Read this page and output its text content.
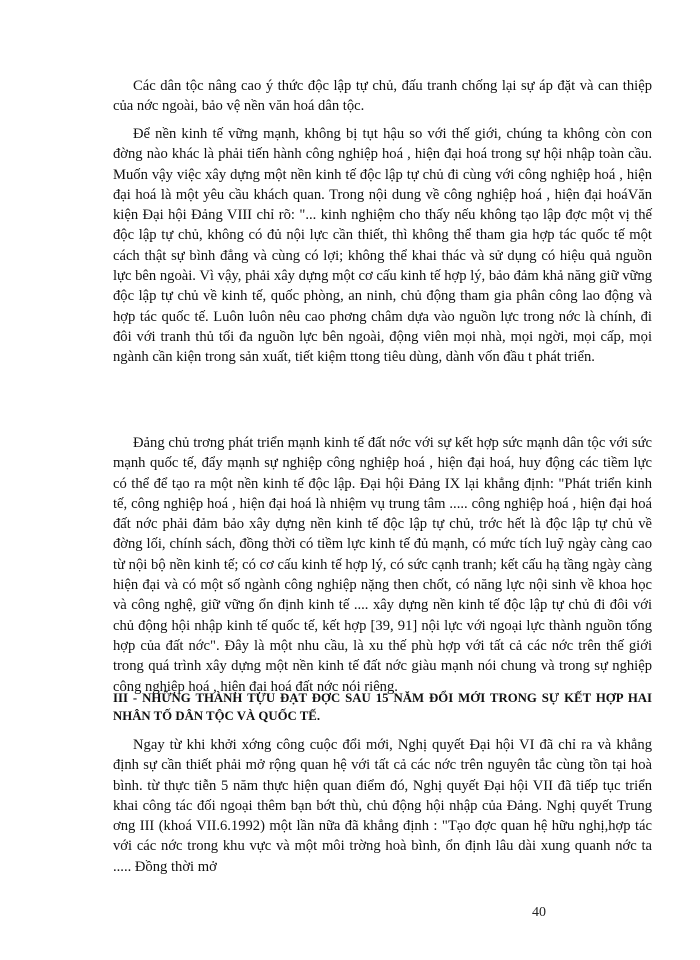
Các dân tộc nâng cao ý thức độc lập tự chủ, đấu tranh chống lại sự áp đặt và can thiệp của nớc ngoài, bảo vệ nền văn hoá dân tộc.

Để nền kinh tế vững mạnh, không bị tụt hậu so với thế giới, chúng ta không còn con đờng nào khác là phải tiến hành công nghiệp hoá , hiện đại hoá trong sự hội nhập toàn cầu. Muốn vậy việc xây dựng một nền kinh tế độc lập tự chủ đi cùng với công nghiệp hoá , hiện đại hoá là một yêu cầu khách quan. Trong nội dung về công nghiệp hoá , hiện đại hoáVăn kiện Đại hội Đảng VIII chỉ rõ: "... kinh nghiệm cho thấy nếu không tạo lập đợc một vị thế độc lập tự chủ, không có đủ nội lực cần thiết, thì không thể tham gia hợp tác quốc tế một cách thật sự bình đẳng và cùng có lợi; không thể khai thác và sử dụng có hiệu quả nguồn lực bên ngoài. Vì vậy, phải xây dựng một cơ cấu kinh tế hợp lý, bảo đảm khả năng giữ vững độc lập tự chủ về kinh tế, quốc phòng, an ninh, chủ động tham gia phân công lao động và hợp tác quốc tế. Luôn luôn nêu cao phơng châm dựa vào nguồn lực trong nớc là chính, đi đôi với tranh thủ tối đa nguồn lực bên ngoài, động viên mọi nhà, mọi ngời, mọi cấp, mọi ngành cần kiện trong sản xuất, tiết kiệm ttong tiêu dùng, dành vốn đầu t phát triển.

Đảng chủ trơng phát triển mạnh kinh tế đất nớc với sự kết hợp sức mạnh dân tộc với sức mạnh quốc tế, đẩy mạnh sự nghiệp công nghiệp hoá , hiện đại hoá, huy động các tiềm lực có thể để tạo ra một nền kinh tế độc lập. Đại hội Đảng IX lại khẳng định: "Phát triển kinh tế, công nghiệp hoá , hiện đại hoá là nhiệm vụ trung tâm ..... công nghiệp hoá , hiện đại hoá đất nớc phải đảm bảo xây dựng nền kinh tế độc lập tự chủ, trớc hết là độc lập tự chủ về đờng lối, chính sách, đồng thời có tiềm lực kinh tế đủ mạnh, có mức tích luỹ ngày càng cao từ nội bộ nền kinh tế; có cơ cấu kinh tế hợp lý, có sức cạnh tranh; kết cấu hạ tầng ngày càng hiện đại và có một số ngành công nghiệp nặng then chốt, có năng lực nội sinh về khoa học và công nghệ, giữ vững ổn định kinh tế .... xây dựng nền kinh tế độc lập tự chủ đi đôi với chủ động hội nhập kinh tế quốc tế, kết hợp [39, 91] nội lực với ngoại lực thành nguồn tổng hợp của đất nớc". Đây là một nhu cầu, là xu thế phù hợp với tất cả các nớc trên thế giới trong quá trình xây dựng một nền kinh tế đất nớc giàu mạnh nói chung và trong sự nghiệp công nghiệp hoá , hiện đại hoá đất nớc nói riêng.

III - NHỮNG THÀNH TỰU ĐẠT ĐỢC SAU 15 NĂM ĐỔI MỚI TRONG SỰ KẾT HỢP HAI NHÂN TỐ DÂN TỘC VÀ QUỐC TẾ.

Ngay từ khi khởi xớng công cuộc đổi mới, Nghị quyết Đại hội VI đã chỉ ra và khẳng định sự cần thiết phải mở rộng quan hệ với tất cả các nớc trên nguyên tắc cùng tồn tại hoà bình. từ thực tiễn 5 năm thực hiện quan điểm đó, Nghị quyết Đại hội VII đã tiếp tục triển khai công tác đối ngoại thêm bạn bớt thù, chủ động hội nhập của Đảng. Nghị quyết Trung ơng III (khoá VII.6.1992) một lần nữa đã khẳng định : "Tạo đợc quan hệ hữu nghị,hợp tác với các nớc trong khu vực và một môi trờng hoà bình, ổn định lâu dài xung quanh nớc ta ..... Đồng thời mở

40
